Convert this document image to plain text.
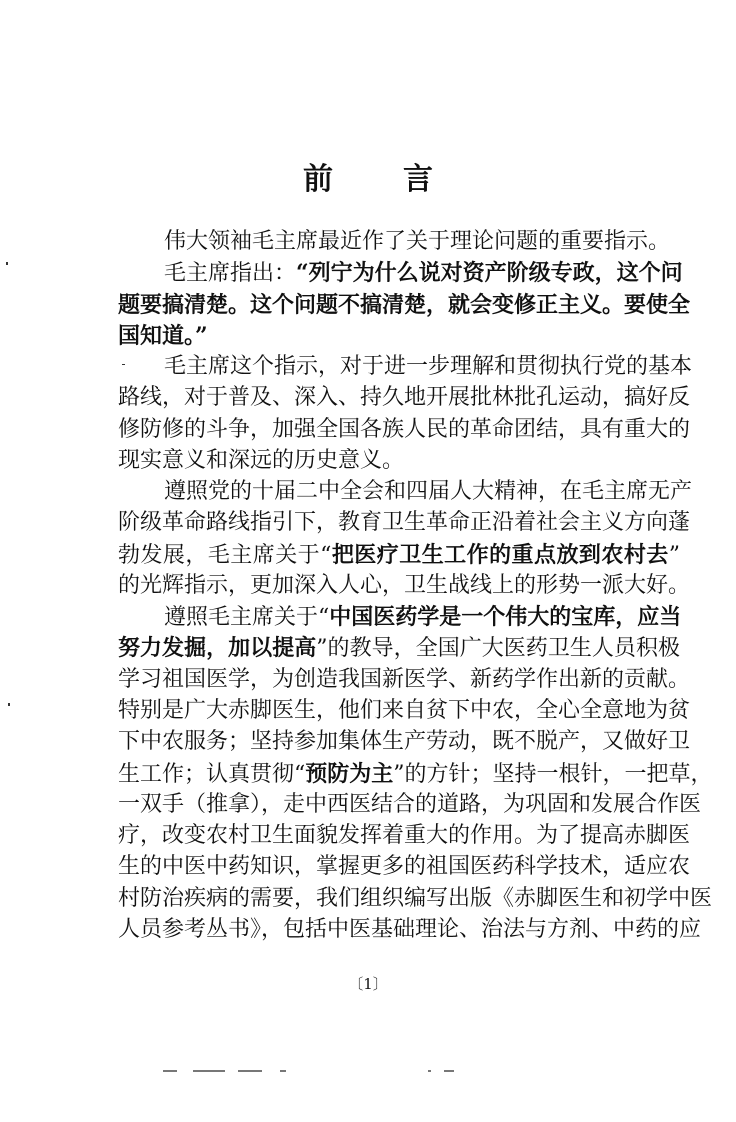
前 言
伟大领袖毛主席最近作了关于理论问题的重要指示。
毛主席指出：“列宁为什么说对资产阶级专政，这个问
题要搞清楚。这个问题不搞清楚，就会变修正主义。要使全
国知道。”
毛主席这个指示，对于进一步理解和贯彻执行党的基本
路线，对于普及、深入、持久地开展批林批孔运动，搞好反
修防修的斗争，加强全国各族人民的革命团结，具有重大的
现实意义和深远的历史意义。
遵照党的十届二中全会和四届人大精神，在毛主席无产
阶级革命路线指引下，教育卫生革命正沿着社会主义方向蓬
勃发展，毛主席关于“把医疗卫生工作的重点放到农村去”
的光辉指示，更加深入人心，卫生战线上的形势一派大好。
遵照毛主席关于“中国医药学是一个伟大的宝库，应当
努力发掘，加以提高”的教导，全国广大医药卫生人员积极
学习祖国医学，为创造我国新医学、新药学作出新的贡献。
特别是广大赤脚医生，他们来自贫下中农，全心全意地为贫
下中农服务；坚持参加集体生产劳动，既不脱产，又做好卫
生工作；认真贯彻“预防为主”的方针；坚持一根针，一把草，
一双手（推拿），走中西医结合的道路，为巩固和发展合作医
疗，改变农村卫生面貌发挥着重大的作用。为了提高赤脚医
生的中医中药知识，掌握更多的祖国医药科学技术，适应农
村防治疾病的需要，我们组织编写出版《赤脚医生和初学中医
人员参考丛书》，包括中医基础理论、治法与方剂、中药的应
〔1〕
